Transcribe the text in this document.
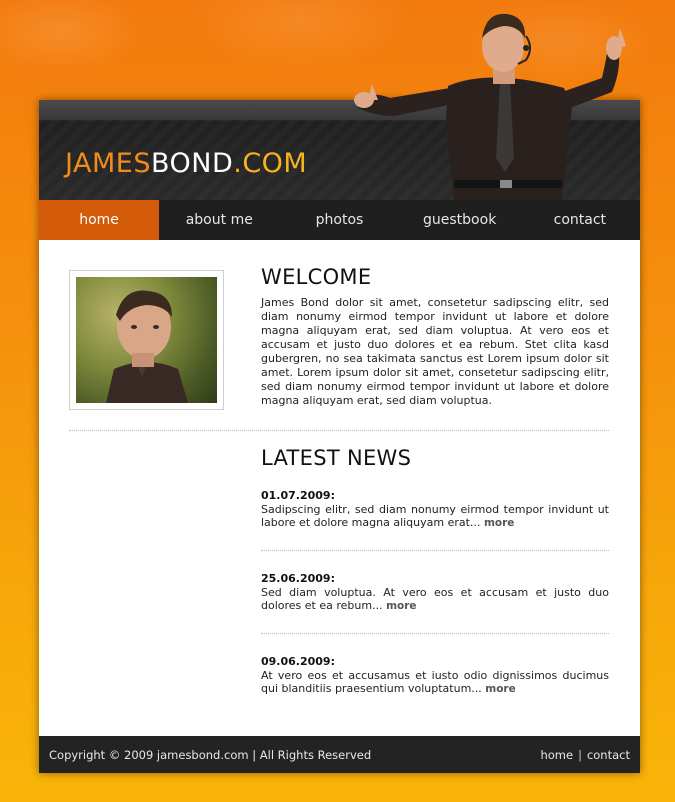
JAMESBOND.COM
home	about me	photos	guestbook	contact
WELCOME
James Bond dolor sit amet, consetetur sadipscing elitr, sed diam nonumy eirmod tempor invidunt ut labore et dolore magna aliquyam erat, sed diam voluptua. At vero eos et accusam et justo duo dolores et ea rebum. Stet clita kasd gubergren, no sea takimata sanctus est Lorem ipsum dolor sit amet. Lorem ipsum dolor sit amet, consetetur sadipscing elitr, sed diam nonumy eirmod tempor invidunt ut labore et dolore magna aliquyam erat, sed diam voluptua.
LATEST NEWS
01.07.2009:
Sadipscing elitr, sed diam nonumy eirmod tempor invidunt ut labore et dolore magna aliquyam erat... more
25.06.2009:
Sed diam voluptua. At vero eos et accusam et justo duo dolores et ea rebum... more
09.06.2009:
At vero eos et accusamus et iusto odio dignissimos ducimus qui blanditiis praesentium voluptatum... more
Copyright © 2009 jamesbond.com | All Rights Reserved	home | contact
